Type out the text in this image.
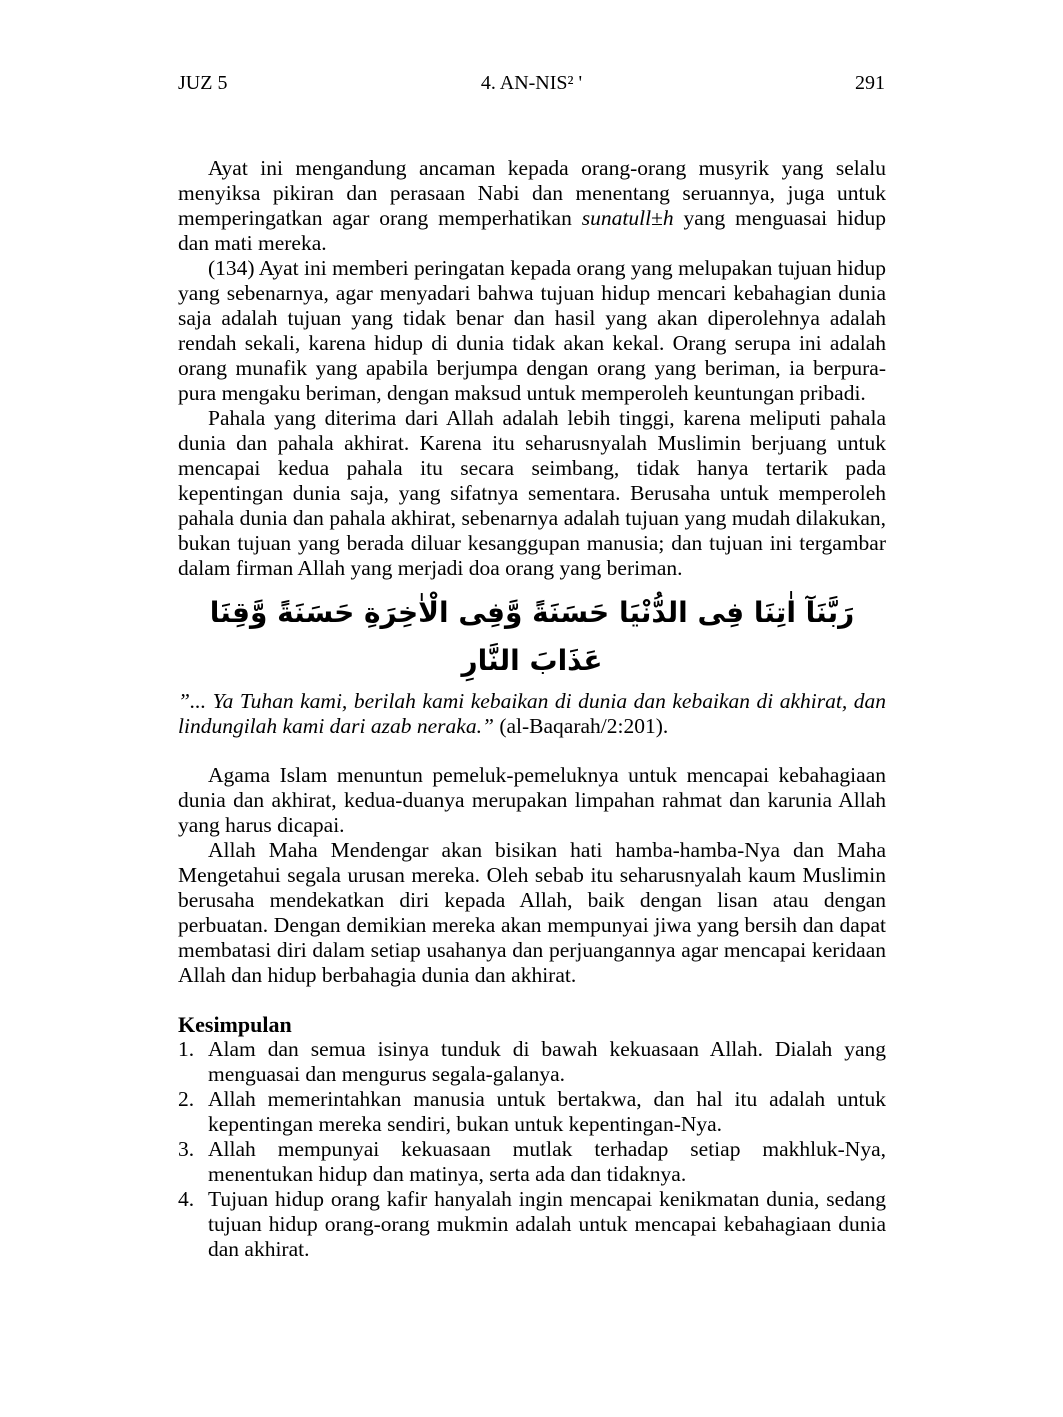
JUZ 5	4. AN-NIS² '	291

Ayat ini mengandung ancaman kepada orang-orang musyrik yang selalu menyiksa pikiran dan perasaan Nabi dan menentang seruannya, juga untuk memperingatkan agar orang memperhatikan sunatull±h yang menguasai hidup dan mati mereka.

(134) Ayat ini memberi peringatan kepada orang yang melupakan tujuan hidup yang sebenarnya, agar menyadari bahwa tujuan hidup mencari kebahagian dunia saja adalah tujuan yang tidak benar dan hasil yang akan diperolehnya adalah rendah sekali, karena hidup di dunia tidak akan kekal. Orang serupa ini adalah orang munafik yang apabila berjumpa dengan orang yang beriman, ia berpura-pura mengaku beriman, dengan maksud untuk memperoleh keuntungan pribadi.

Pahala yang diterima dari Allah adalah lebih tinggi, karena meliputi pahala dunia dan pahala akhirat. Karena itu seharusnyalah Muslimin berjuang untuk mencapai kedua pahala itu secara seimbang, tidak hanya tertarik pada kepentingan dunia saja, yang sifatnya sementara. Berusaha untuk memperoleh pahala dunia dan pahala akhirat, sebenarnya adalah tujuan yang mudah dilakukan, bukan tujuan yang berada diluar kesanggupan manusia; dan tujuan ini tergambar dalam firman Allah yang merjadi doa orang yang beriman.

رَبَّنَآ اٰتِنَا فِى الدُّنْيَا حَسَنَةً وَّفِى الْاٰخِرَةِ حَسَنَةً وَّقِنَا عَذَابَ النَّارِ

”... Ya Tuhan kami, berilah kami kebaikan di dunia dan kebaikan di akhirat, dan lindungilah kami dari azab neraka.” (al-Baqarah/2:201).

Agama Islam menuntun pemeluk-pemeluknya untuk mencapai kebahagiaan dunia dan akhirat, kedua-duanya merupakan limpahan rahmat dan karunia Allah yang harus dicapai.

Allah Maha Mendengar akan bisikan hati hamba-hamba-Nya dan Maha Mengetahui segala urusan mereka. Oleh sebab itu seharusnyalah kaum Muslimin berusaha mendekatkan diri kepada Allah, baik dengan lisan atau dengan perbuatan. Dengan demikian mereka akan mempunyai jiwa yang bersih dan dapat membatasi diri dalam setiap usahanya dan perjuangannya agar mencapai keridaan Allah dan hidup berbahagia dunia dan akhirat.

Kesimpulan
1. Alam dan semua isinya tunduk di bawah kekuasaan Allah. Dialah yang menguasai dan mengurus segala-galanya.
2. Allah memerintahkan manusia untuk bertakwa, dan hal itu adalah untuk kepentingan mereka sendiri, bukan untuk kepentingan-Nya.
3. Allah mempunyai kekuasaan mutlak terhadap setiap makhluk-Nya, menentukan hidup dan matinya, serta ada dan tidaknya.
4. Tujuan hidup orang kafir hanyalah ingin mencapai kenikmatan dunia, sedang tujuan hidup orang-orang mukmin adalah untuk mencapai kebahagiaan dunia dan akhirat.
